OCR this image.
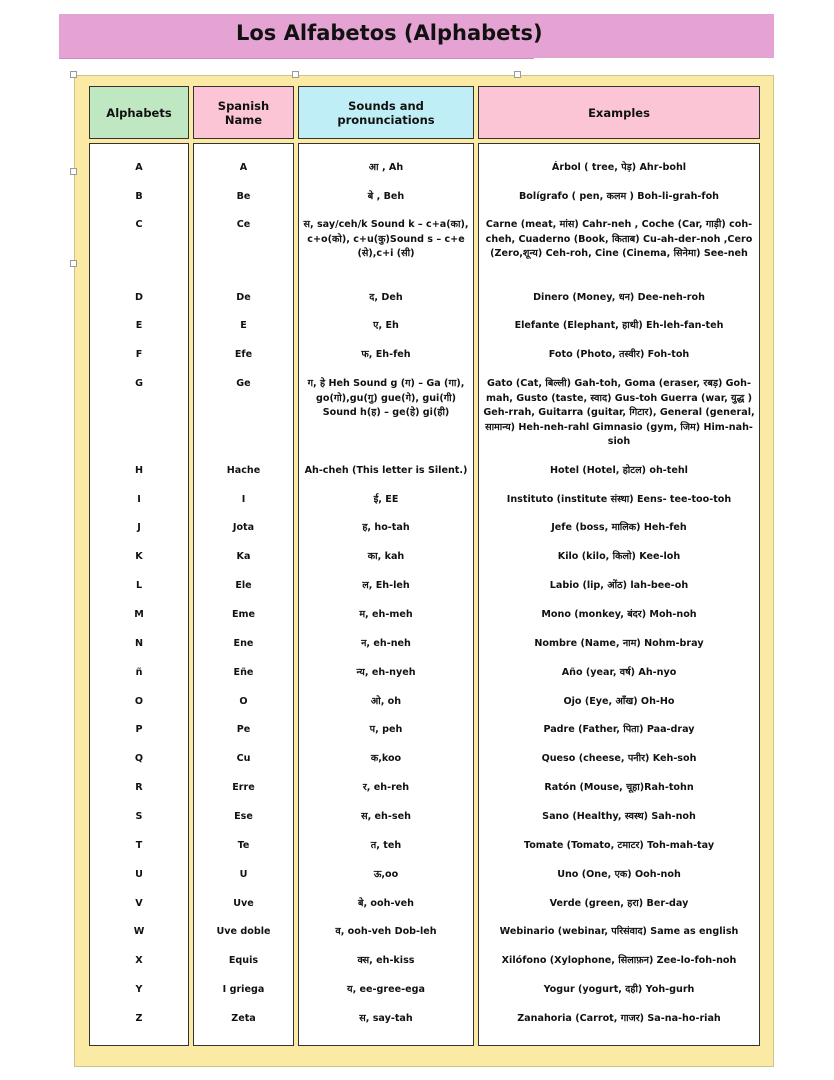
Los Alfabetos (Alphabets)
Alphabets	Spanish Name
Sounds and pronunciations	Examples
A
B
C
D
E
F
G
H
I
J
K
L
M
N
ñ
O
P
Q
R
S
T
U
V
W
X
Y
Z
A
Be
Ce
De
E
Efe
Ge
Hache
I
Jota
Ka
Ele
Eme
Ene
Eñe
O
Pe
Cu
Erre
Ese
Te
U
Uve
Uve doble
Equis
I griega
Zeta
आ , Ah
बे , Beh
स, say/ceh/k Sound k – c+a(का), c+o(को), c+u(कु)Sound s – c+e (से),c+i (सी)
द, Deh
ए, Eh
फ, Eh-feh
ग, हे Heh Sound g (ग) – Ga (गा), go(गो),gu(गु) gue(गे), gui(गी) Sound h(ह) – ge(हे) gi(ही)
Ah-cheh (This letter is Silent.)
ई, EE
ह, ho-tah
का, kah
ल, Eh-leh
म, eh-meh
न, eh-neh
न्य, eh-nyeh
ओ, oh
प, peh
क,koo
र, eh-reh
स, eh-seh
त, teh
ऊ,oo
बे, ooh-veh
व, ooh-veh Dob-leh
क्स, eh-kiss
य, ee-gree-ega
स, say-tah
Árbol ( tree, पेड़) Ahr-bohl
Bolígrafo ( pen, कलम ) Boh-li-grah-foh
Carne (meat, मांस) Cahr-neh , Coche (Car, गाड़ी) coh-cheh, Cuaderno (Book, किताब) Cu-ah-der-noh ,Cero (Zero,शून्य) Ceh-roh, Cine (Cinema, सिनेमा) See-neh
Dinero (Money, धन) Dee-neh-roh
Elefante (Elephant, हाथी) Eh-leh-fan-teh
Foto (Photo, तस्वीर) Foh-toh
Gato (Cat, बिल्ली) Gah-toh, Goma (eraser, रबड़) Goh-mah, Gusto (taste, स्वाद) Gus-toh Guerra (war, युद्ध ) Geh-rrah, Guitarra (guitar, गिटार), General (general, सामान्य) Heh-neh-rahl Gimnasio (gym, जिम) Him-nah-sioh
Hotel (Hotel, होटल) oh-tehl
Instituto (institute संस्था) Eens- tee-too-toh
Jefe (boss, मालिक) Heh-feh
Kilo (kilo, किलो) Kee-loh
Labio (lip, ओंठ) lah-bee-oh
Mono (monkey, बंदर) Moh-noh
Nombre (Name, नाम) Nohm-bray
Año (year, वर्ष) Ah-nyo
Ojo (Eye, आँख) Oh-Ho
Padre (Father, पिता) Paa-dray
Queso (cheese, पनीर) Keh-soh
Ratón (Mouse, चूहा)Rah-tohn
Sano (Healthy, स्वस्थ) Sah-noh
Tomate (Tomato, टमाटर) Toh-mah-tay
Uno (One, एक) Ooh-noh
Verde (green, हरा) Ber-day
Webinario (webinar, परिसंवाद) Same as english
Xilófono (Xylophone, सिलाफ़न) Zee-lo-foh-noh
Yogur (yogurt, दही) Yoh-gurh
Zanahoria (Carrot, गाजर) Sa-na-ho-riah
